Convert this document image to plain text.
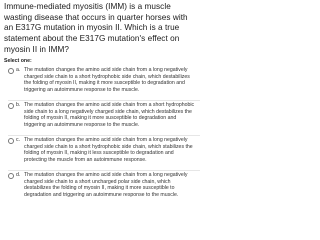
Immune-mediated myositis (IMM) is a muscle wasting disease that occurs in quarter horses with an E317G mutation in myosin II. Which is a true statement about the E317G mutation's effect on myosin II in IMM?
Select one:
a. The mutation changes the amino acid side chain from a long negatively charged side chain to a short hydrophobic side chain, which destabilizes the folding of myosin II, making it more susceptible to degradation and triggering an autoimmune response to the muscle.
b. The mutation changes the amino acid side chain from a short hydrophobic side chain to a long negatively charged side chain, which destabilizes the folding of myosin II, making it more susceptible to degradation and triggering an autoimmune response to the muscle.
c. The mutation changes the amino acid side chain from a long negatively charged side chain to a short hydrophobic side chain, which stabilizes the folding of myosin II, making it less susceptible to degradation and protecting the muscle from an autoimmune response.
d. The mutation changes the amino acid side chain from a long negatively charged side chain to a short uncharged polar side chain, which destabilizes the folding of myosin II, making it more susceptible to degradation and triggering an autoimmune response to the muscle.
